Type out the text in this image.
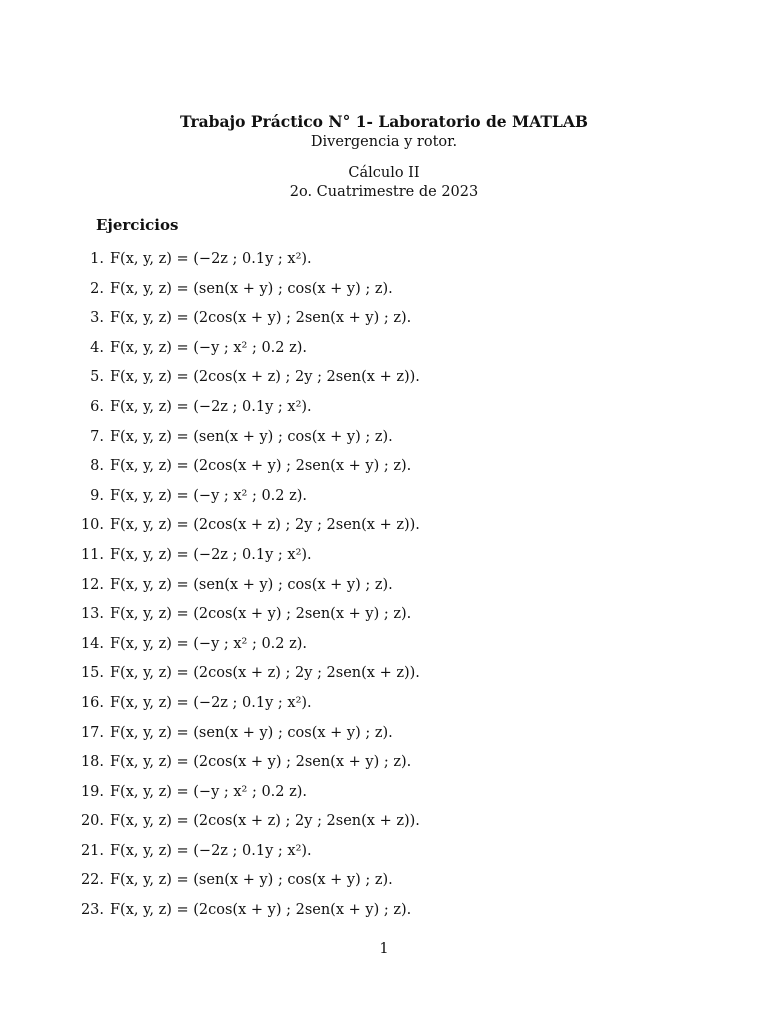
Trabajo Práctico N° 1- Laboratorio de MATLAB
Divergencia y rotor.
Cálculo II
2o. Cuatrimestre de 2023
Ejercicios
1. F(x, y, z) = (−2z ; 0.1y ; x²).
2. F(x, y, z) = (sen(x + y) ; cos(x + y) ; z).
3. F(x, y, z) = (2cos(x + y) ; 2sen(x + y) ; z).
4. F(x, y, z) = (−y ; x² ; 0.2 z).
5. F(x, y, z) = (2cos(x + z) ; 2y ; 2sen(x + z)).
6. F(x, y, z) = (−2z ; 0.1y ; x²).
7. F(x, y, z) = (sen(x + y) ; cos(x + y) ; z).
8. F(x, y, z) = (2cos(x + y) ; 2sen(x + y) ; z).
9. F(x, y, z) = (−y ; x² ; 0.2 z).
10. F(x, y, z) = (2cos(x + z) ; 2y ; 2sen(x + z)).
11. F(x, y, z) = (−2z ; 0.1y ; x²).
12. F(x, y, z) = (sen(x + y) ; cos(x + y) ; z).
13. F(x, y, z) = (2cos(x + y) ; 2sen(x + y) ; z).
14. F(x, y, z) = (−y ; x² ; 0.2 z).
15. F(x, y, z) = (2cos(x + z) ; 2y ; 2sen(x + z)).
16. F(x, y, z) = (−2z ; 0.1y ; x²).
17. F(x, y, z) = (sen(x + y) ; cos(x + y) ; z).
18. F(x, y, z) = (2cos(x + y) ; 2sen(x + y) ; z).
19. F(x, y, z) = (−y ; x² ; 0.2 z).
20. F(x, y, z) = (2cos(x + z) ; 2y ; 2sen(x + z)).
21. F(x, y, z) = (−2z ; 0.1y ; x²).
22. F(x, y, z) = (sen(x + y) ; cos(x + y) ; z).
23. F(x, y, z) = (2cos(x + y) ; 2sen(x + y) ; z).
1
